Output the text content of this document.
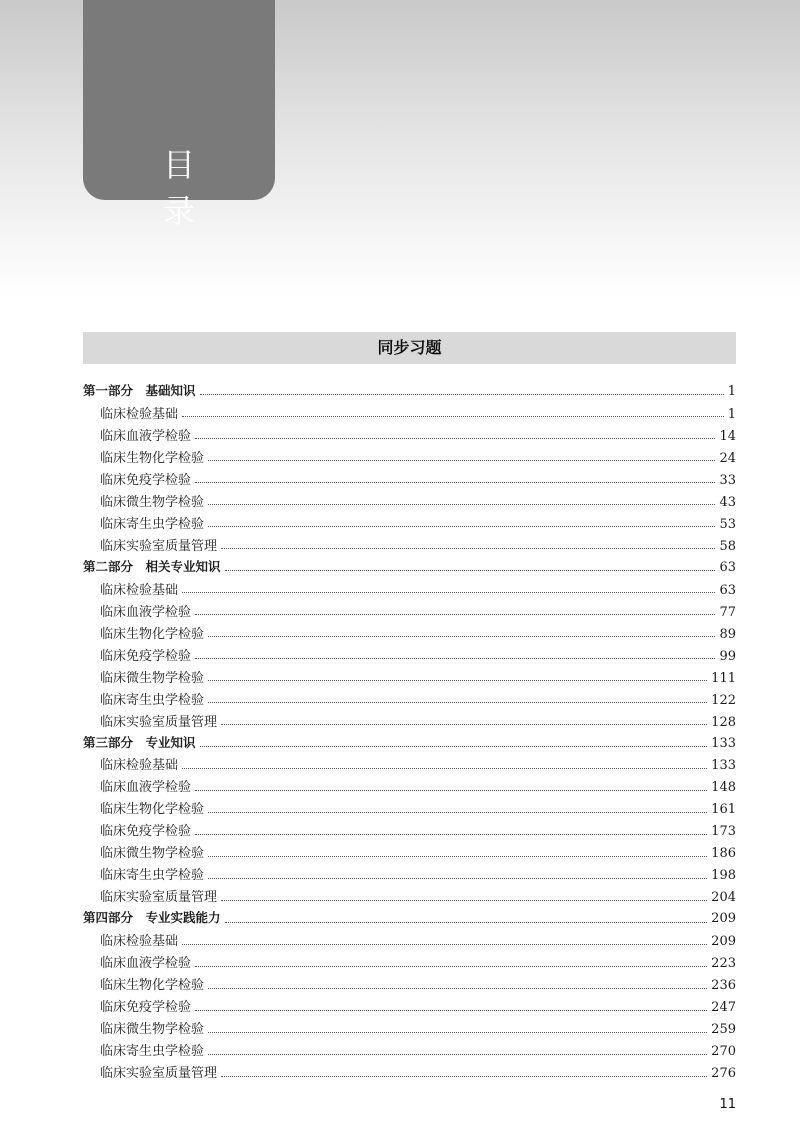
目　录
同步习题
第一部分　基础知识	1
临床检验基础	1
临床血液学检验	14
临床生物化学检验	24
临床免疫学检验	33
临床微生物学检验	43
临床寄生虫学检验	53
临床实验室质量管理	58
第二部分　相关专业知识	63
临床检验基础	63
临床血液学检验	77
临床生物化学检验	89
临床免疫学检验	99
临床微生物学检验	111
临床寄生虫学检验	122
临床实验室质量管理	128
第三部分　专业知识	133
临床检验基础	133
临床血液学检验	148
临床生物化学检验	161
临床免疫学检验	173
临床微生物学检验	186
临床寄生虫学检验	198
临床实验室质量管理	204
第四部分　专业实践能力	209
临床检验基础	209
临床血液学检验	223
临床生物化学检验	236
临床免疫学检验	247
临床微生物学检验	259
临床寄生虫学检验	270
临床实验室质量管理	276
11
